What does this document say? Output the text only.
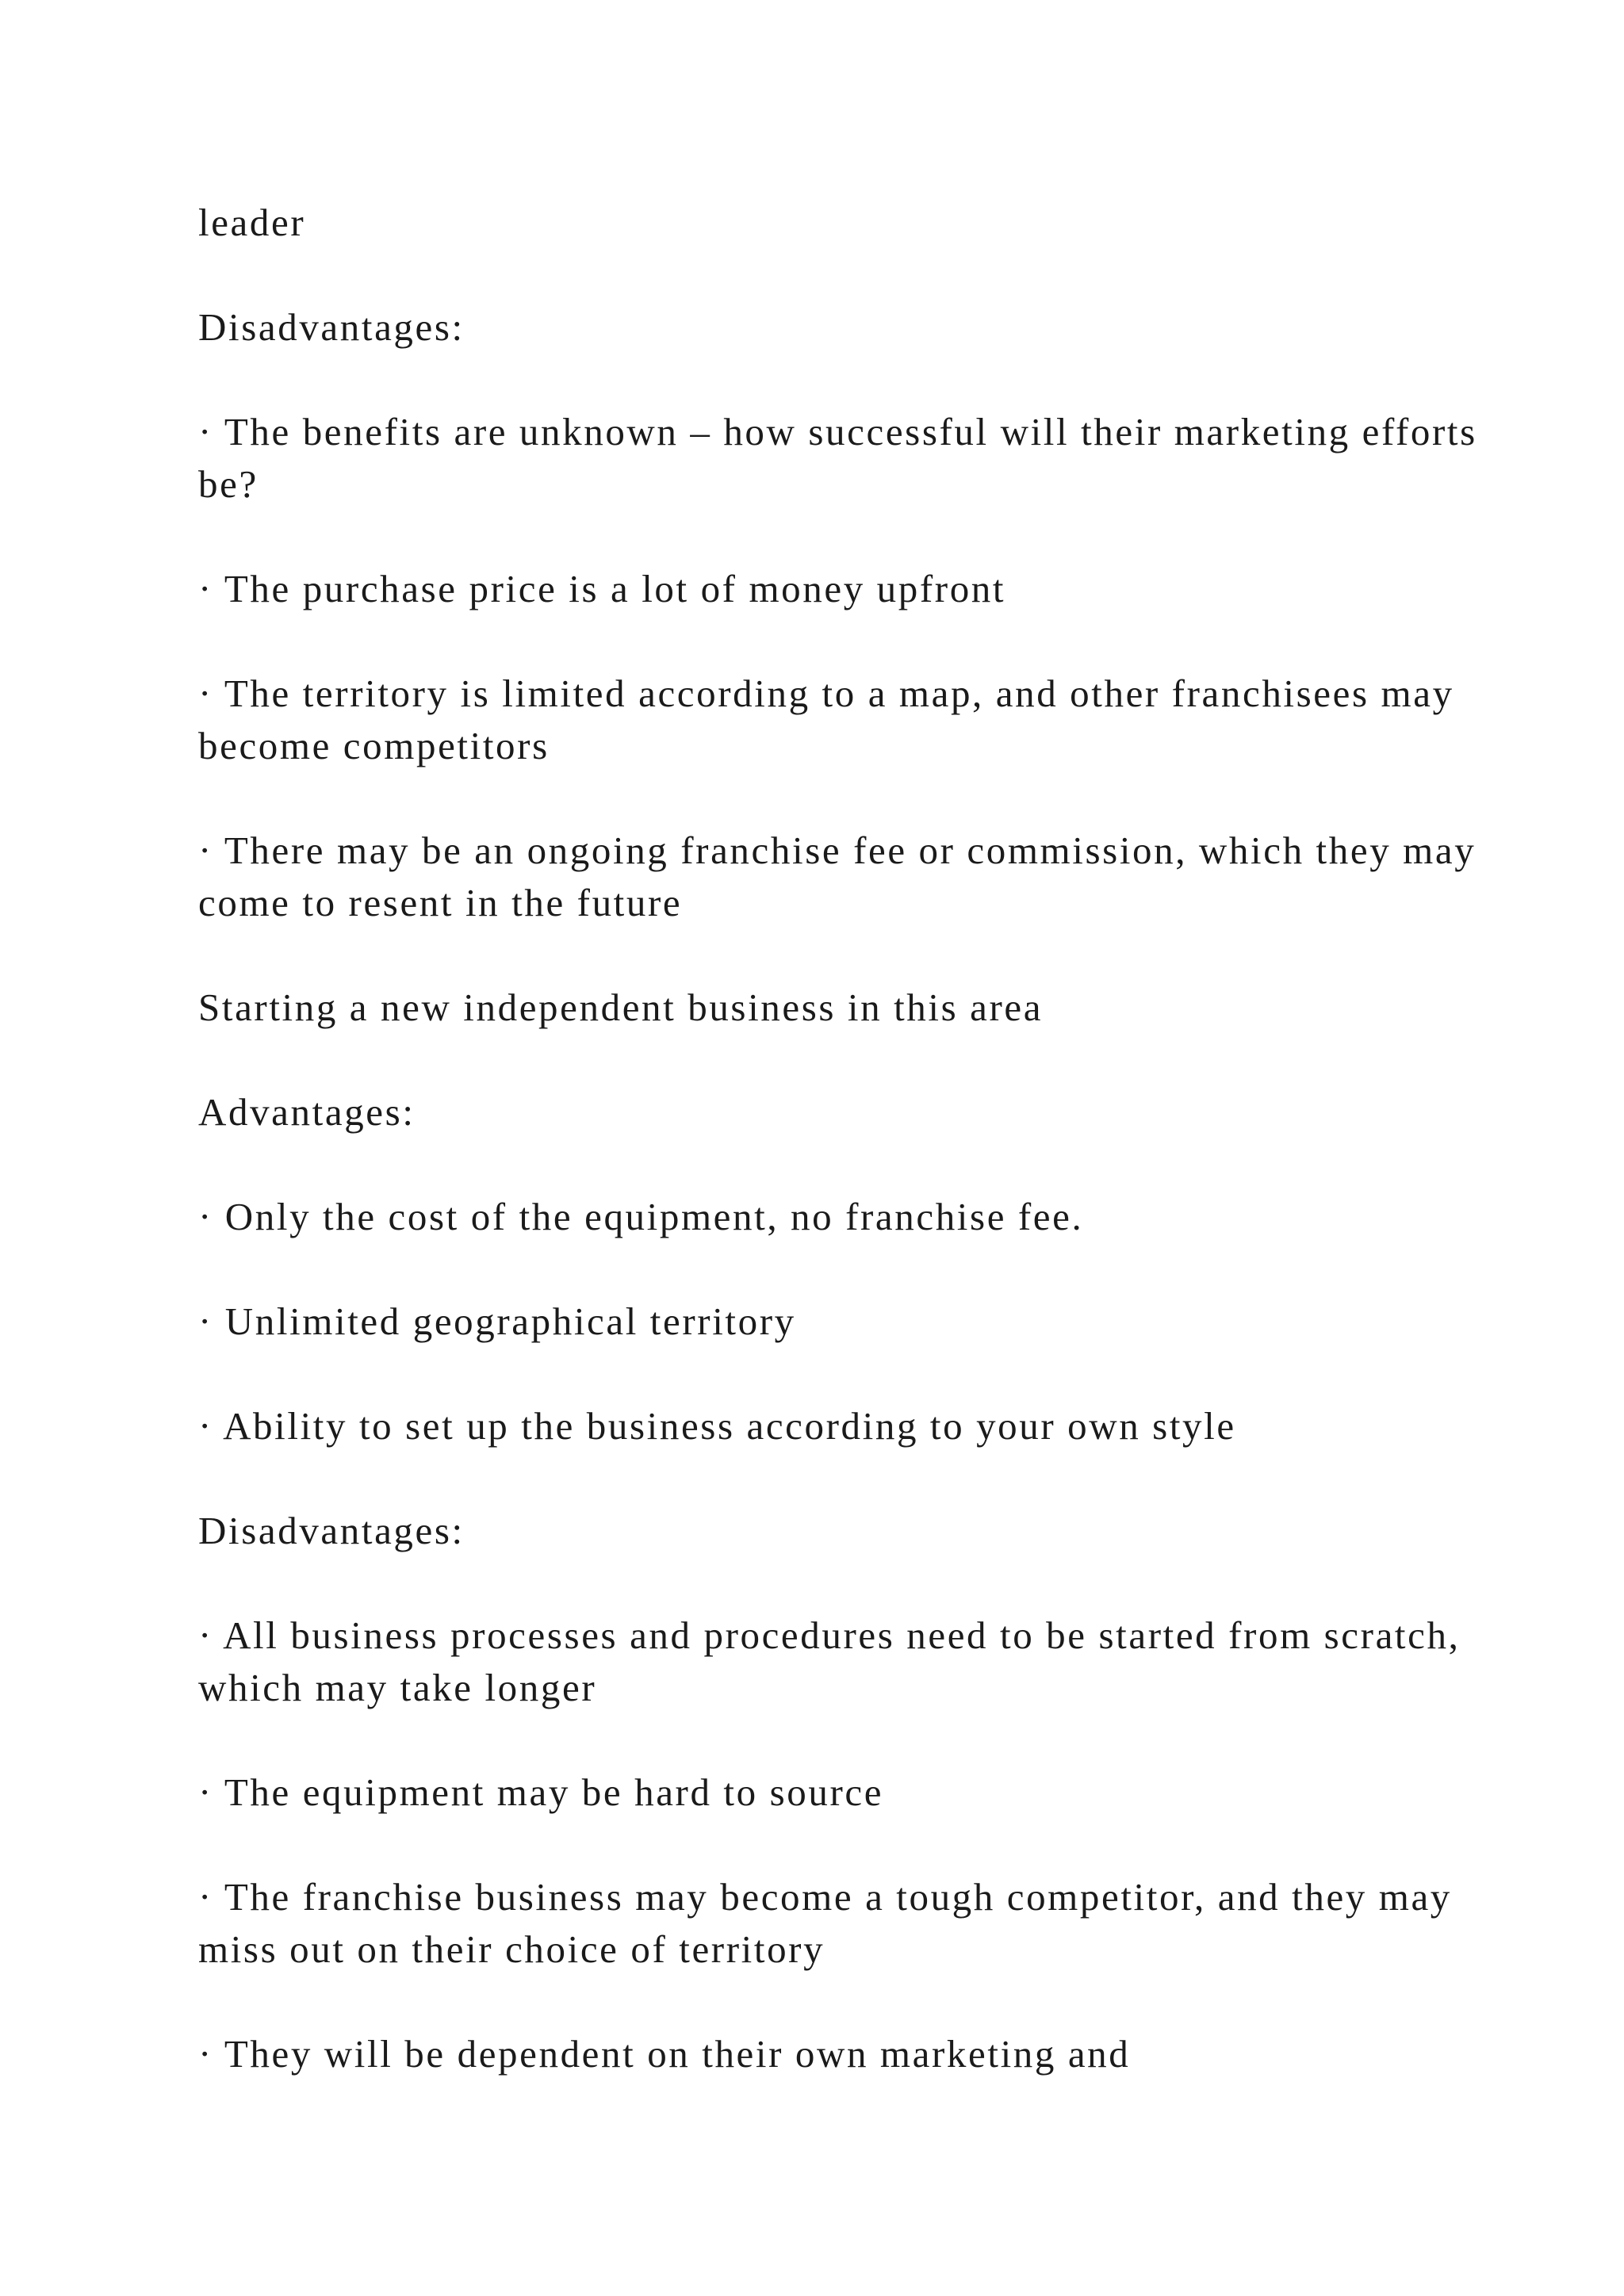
leader

Disadvantages:

· The benefits are unknown – how successful will their marketing efforts be?

· The purchase price is a lot of money upfront

· The territory is limited according to a map, and other franchisees may become competitors

· There may be an ongoing franchise fee or commission, which they may come to resent in the future

Starting a new independent business in this area

Advantages:

· Only the cost of the equipment, no franchise fee.

· Unlimited geographical territory

· Ability to set up the business according to your own style

Disadvantages:

· All business processes and procedures need to be started from scratch, which may take longer

· The equipment may be hard to source

· The franchise business may become a tough competitor, and they may miss out on their choice of territory

· They will be dependent on their own marketing and
